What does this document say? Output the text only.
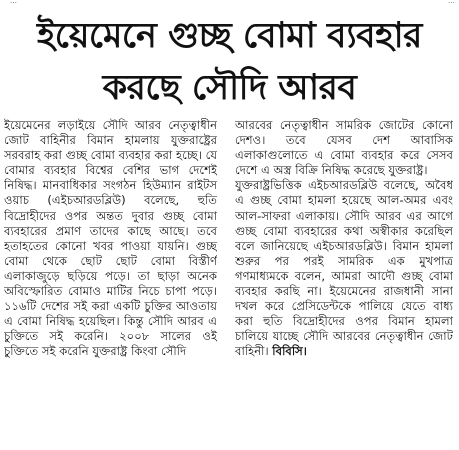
…	…
ইয়েমেনে গুচ্ছ বোমা ব্যবহার
করছে সৌদি আরব

ইয়েমেনের লড়াইয়ে সৌদি আরব নেতৃত্বাধীন জোট বাহিনীর বিমান হামলায় যুক্তরাষ্ট্রের সরবরাহ করা গুচ্ছ বোমা ব্যবহার করা হচ্ছে। যে বোমার ব্যবহার বিশ্বের বেশির ভাগ দেশেই নিষিদ্ধ। মানবাধিকার সংগঠন হিউম্যান রাইটস ওয়াচ (এইচআরডব্লিউ) বলেছে, হুতি বিদ্রোহীদের ওপর অন্তত দুবার গুচ্ছ বোমা ব্যবহারের প্রমাণ তাদের কাছে আছে। তবে হতাহতের কোনো খবর পাওয়া যায়নি। গুচ্ছ বোমা থেকে ছোট ছোট বোমা বিস্তীর্ণ এলাকাজুড়ে ছড়িয়ে পড়ে। তা ছাড়া অনেক অবিস্ফোরিত বোমাও মাটির নিচে চাপা পড়ে। ১১৬টি দেশের সই করা একটি চুক্তির আওতায় এ বোমা নিষিদ্ধ হয়েছিল। কিন্তু সৌদি আরব এ চুক্তিতে সই করেনি। ২০০৮ সালের ওই চুক্তিতে সই করেনি যুক্তরাষ্ট্র কিংবা সৌদি

আরবের নেতৃত্বাধীন সামরিক জোটের কোনো দেশও। তবে যেসব দেশ আবাসিক এলাকাগুলোতে এ বোমা ব্যবহার করে সেসব দেশে এ অস্ত্র বিক্রি নিষিদ্ধ করেছে যুক্তরাষ্ট্র।

যুক্তরাষ্ট্রভিত্তিক এইচআরডব্লিউ বলেছে, অবৈধ এ গুচ্ছ বোমা হামলা হয়েছে আল-অমর এবং আল-সাফরা এলাকায়। সৌদি আরব এর আগে গুচ্ছ বোমা ব্যবহারের কথা অস্বীকার করেছিল বলে জানিয়েছে এইচআরডব্লিউ। বিমান হামলা শুরুর পর পরই সামরিক এক মুখপাত্র গণমাধ্যমকে বলেন, আমরা আদৌ গুচ্ছ বোমা ব্যবহার করছি না। ইয়েমেনের রাজধানী সানা দখল করে প্রেসিডেন্টকে পালিয়ে যেতে বাধ্য করা হুতি বিদ্রোহীদের ওপর বিমান হামলা চালিয়ে যাচ্ছে সৌদি আরবের নেতৃত্বাধীন জোট বাহিনী। বিবিসি।
